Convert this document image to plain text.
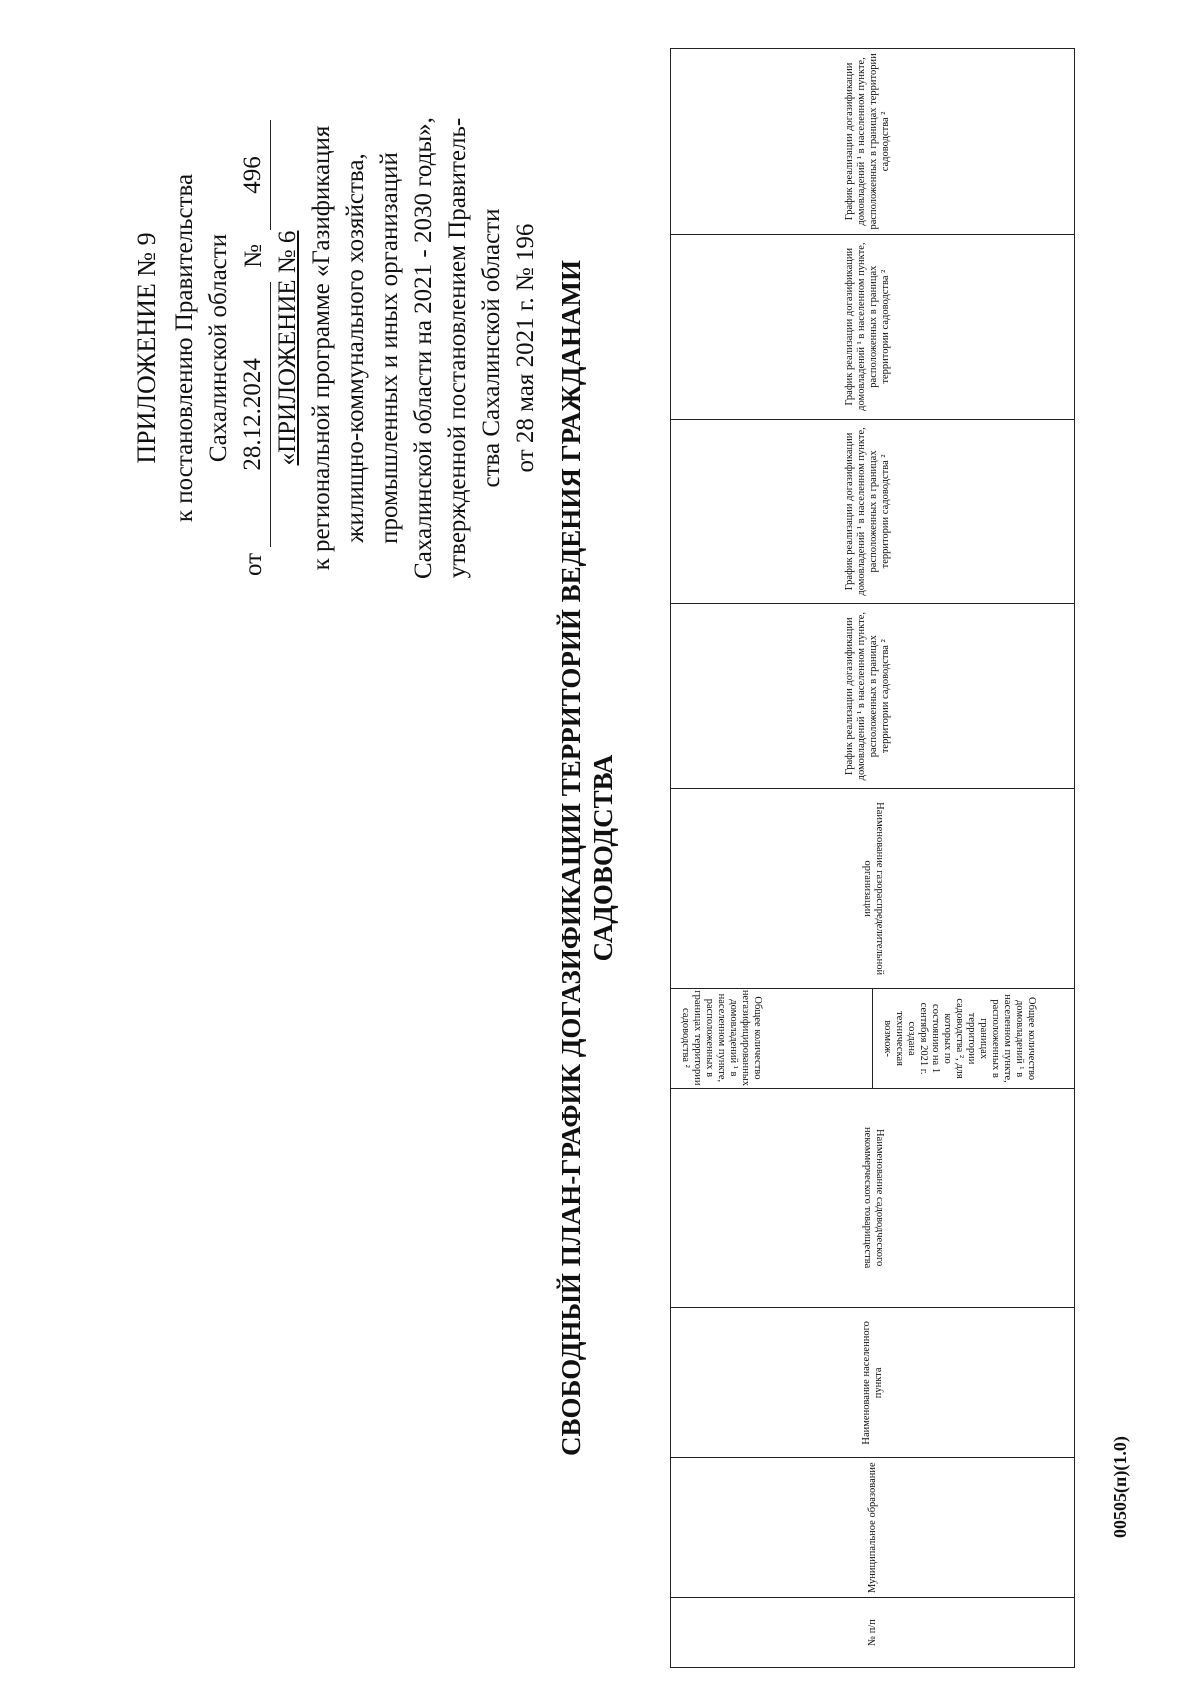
ПРИЛОЖЕНИЕ № 9 к постановлению Правительства Сахалинской области
от
28.12.2024
№
496
«ПРИЛОЖЕНИЕ № 6 к региональной программе «Газификация жилищно-коммунального хозяйства, промышленных и иных организаций Сахалинской области на 2021 - 2030 годы», утвержденной постановлением Правитель- ства Сахалинской области от 28 мая 2021 г. № 196 СВОБОДНЫЙ ПЛАН-ГРАФИК ДОГАЗИФИКАЦИИ ТЕРРИТОРИЙ ВЕДЕНИЯ ГРАЖДАНАМИ САДОВОДСТВА
№ п/п
Муниципальное образование
Наименование населенного пункта
Наименование садоводческого некоммерческого товарищества
Общее количество негазифицированных домовладений ¹ в населенном пункте, расположенных в границах территории садоводства ²	Общее количество домовладений ¹ в населенном пункте, расположенных в границах территории садоводства ², для которых по состоянию на 1 сентября 2021 г. создана техническая возмож-
Наименование газораспределительной организации
График реализации догазификации домовладений ¹ в населенном пункте, расположенных в границах территории садоводства ²
График реализации догазификации домовладений ¹ в населенном пункте, расположенных в границах территории садоводства ²
График реализации догазификации домовладений ¹ в населенном пункте, расположенных в границах территории садоводства ²
График реализации догазификации домовладений ¹ в населенном пункте, расположенных в границах территории садоводства ²
00505(п)(1.0)
